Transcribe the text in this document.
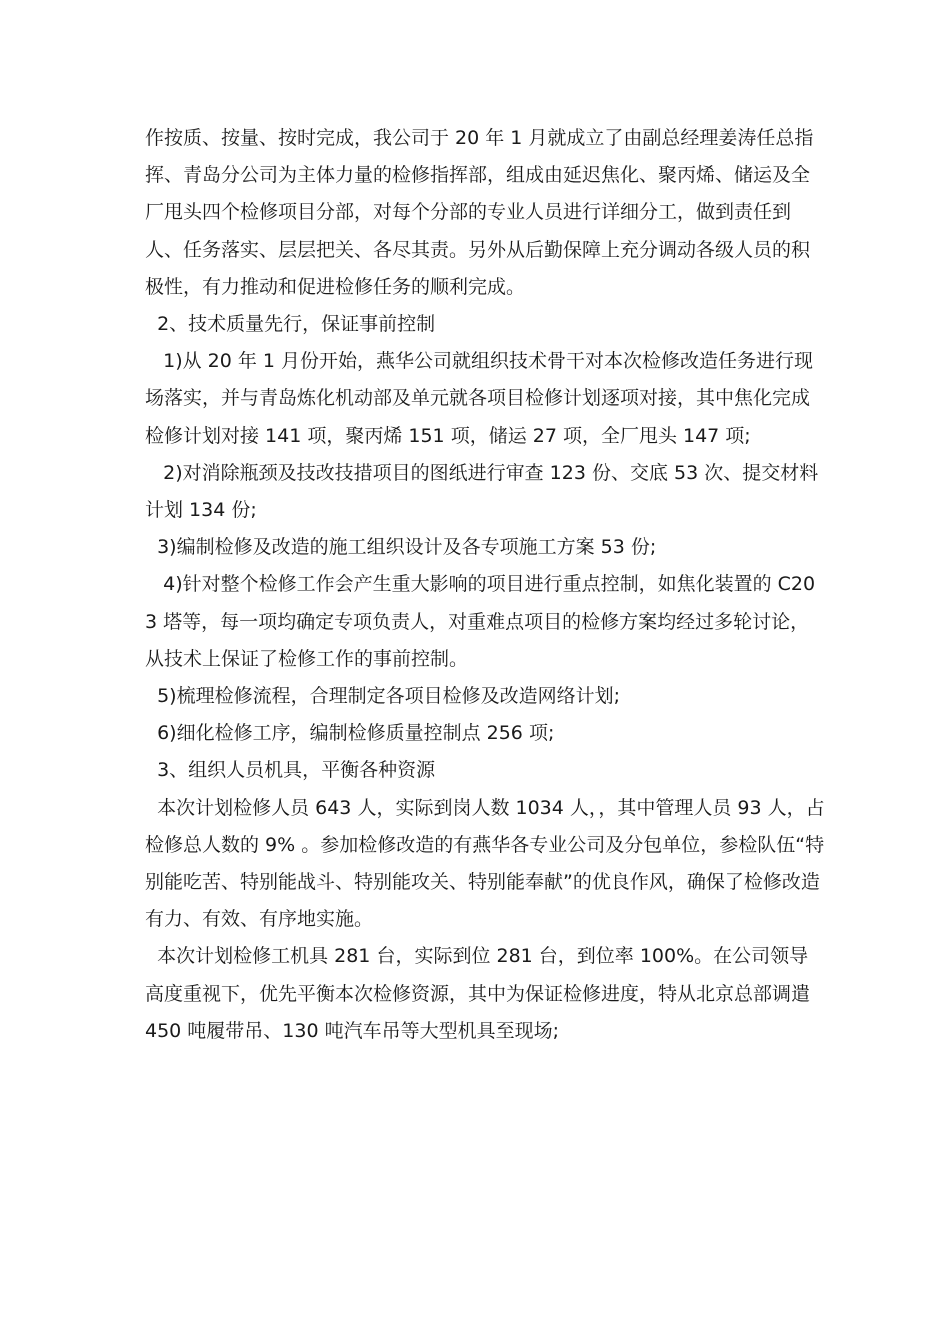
作按质、按量、按时完成，我公司于 20 年 1 月就成立了由副总经理姜涛任总指挥、青岛分公司为主体力量的检修指挥部，组成由延迟焦化、聚丙烯、储运及全厂甩头四个检修项目分部，对每个分部的专业人员进行详细分工，做到责任到人、任务落实、层层把关、各尽其责。另外从后勤保障上充分调动各级人员的积极性，有力推动和促进检修任务的顺利完成。

2、技术质量先行，保证事前控制

1)从 20 年 1 月份开始，燕华公司就组织技术骨干对本次检修改造任务进行现场落实，并与青岛炼化机动部及单元就各项目检修计划逐项对接，其中焦化完成检修计划对接 141 项，聚丙烯 151 项，储运 27 项，全厂甩头 147 项;

2)对消除瓶颈及技改技措项目的图纸进行审查 123 份、交底 53 次、提交材料计划 134 份;

3)编制检修及改造的施工组织设计及各专项施工方案 53 份;

4)针对整个检修工作会产生重大影响的项目进行重点控制，如焦化装置的 C203 塔等，每一项均确定专项负责人，对重难点项目的检修方案均经过多轮讨论，从技术上保证了检修工作的事前控制。

5)梳理检修流程，合理制定各项目检修及改造网络计划;

6)细化检修工序，编制检修质量控制点 256 项;

3、组织人员机具，平衡各种资源

本次计划检修人员 643 人，实际到岗人数 1034 人，，其中管理人员 93 人，占检修总人数的 9% 。参加检修改造的有燕华各专业公司及分包单位，参检队伍“特别能吃苦、特别能战斗、特别能攻关、特别能奉献”的优良作风，确保了检修改造有力、有效、有序地实施。

本次计划检修工机具 281 台，实际到位 281 台，到位率 100%。在公司领导高度重视下，优先平衡本次检修资源，其中为保证检修进度，特从北京总部调遣 450 吨履带吊、130 吨汽车吊等大型机具至现场;
